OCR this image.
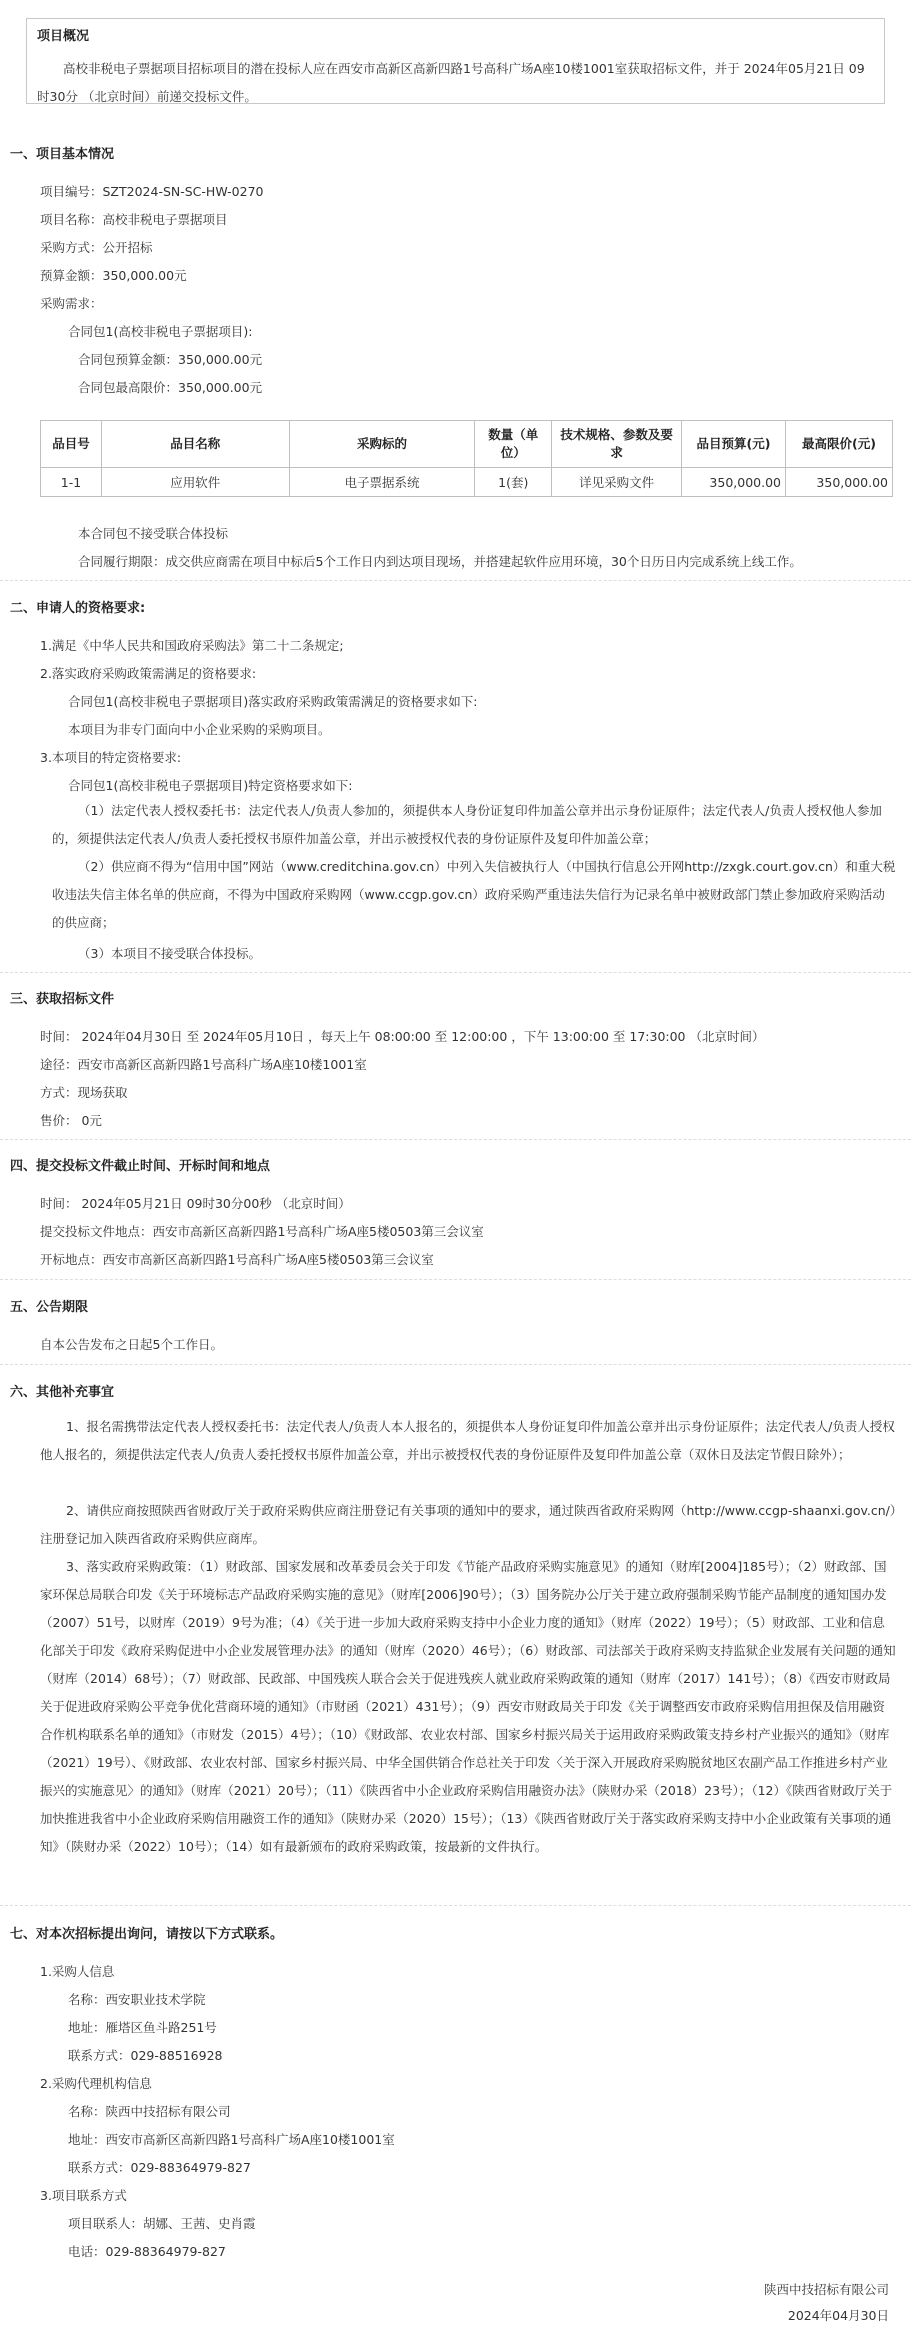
项目概况
高校非税电子票据项目招标项目的潜在投标人应在西安市高新区高新四路1号高科广场A座10楼1001室获取招标文件，并于 2024年05月21日 09时30分 （北京时间）前递交投标文件。
一、项目基本情况
项目编号：SZT2024-SN-SC-HW-0270
项目名称：高校非税电子票据项目
采购方式：公开招标
预算金额：350,000.00元
采购需求：
合同包1(高校非税电子票据项目):
合同包预算金额：350,000.00元
合同包最高限价：350,000.00元
品目号	品目名称	采购标的	数量（单位）	技术规格、参数及要求	品目预算(元)	最高限价(元)
1-1	应用软件	电子票据系统	1(套)	详见采购文件	350,000.00	350,000.00
本合同包不接受联合体投标
合同履行期限：成交供应商需在项目中标后5个工作日内到达项目现场，并搭建起软件应用环境，30个日历日内完成系统上线工作。
二、申请人的资格要求:
1.满足《中华人民共和国政府采购法》第二十二条规定;
2.落实政府采购政策需满足的资格要求:
合同包1(高校非税电子票据项目)落实政府采购政策需满足的资格要求如下:
本项目为非专门面向中小企业采购的采购项目。
3.本项目的特定资格要求:
合同包1(高校非税电子票据项目)特定资格要求如下:
（1）法定代表人授权委托书：法定代表人/负责人参加的，须提供本人身份证复印件加盖公章并出示身份证原件；法定代表人/负责人授权他人参加的，须提供法定代表人/负责人委托授权书原件加盖公章，并出示被授权代表的身份证原件及复印件加盖公章；
（2）供应商不得为“信用中国”网站（www.creditchina.gov.cn）中列入失信被执行人（中国执行信息公开网http://zxgk.court.gov.cn）和重大税收违法失信主体名单的供应商，不得为中国政府采购网（www.ccgp.gov.cn）政府采购严重违法失信行为记录名单中被财政部门禁止参加政府采购活动的供应商；
（3）本项目不接受联合体投标。
三、获取招标文件
时间： 2024年04月30日 至 2024年05月10日 ，每天上午 08:00:00 至 12:00:00 ，下午 13:00:00 至 17:30:00 （北京时间）
途径：西安市高新区高新四路1号高科广场A座10楼1001室
方式：现场获取
售价： 0元
四、提交投标文件截止时间、开标时间和地点
时间： 2024年05月21日 09时30分00秒 （北京时间）
提交投标文件地点：西安市高新区高新四路1号高科广场A座5楼0503第三会议室
开标地点：西安市高新区高新四路1号高科广场A座5楼0503第三会议室
五、公告期限
自本公告发布之日起5个工作日。
六、其他补充事宜
1、报名需携带法定代表人授权委托书：法定代表人/负责人本人报名的，须提供本人身份证复印件加盖公章并出示身份证原件；法定代表人/负责人授权他人报名的，须提供法定代表人/负责人委托授权书原件加盖公章，并出示被授权代表的身份证原件及复印件加盖公章（双休日及法定节假日除外）；
2、请供应商按照陕西省财政厅关于政府采购供应商注册登记有关事项的通知中的要求，通过陕西省政府采购网（http://www.ccgp-shaanxi.gov.cn/）注册登记加入陕西省政府采购供应商库。
3、落实政府采购政策：（1）财政部、国家发展和改革委员会关于印发《节能产品政府采购实施意见》的通知（财库[2004]185号）；（2）财政部、国家环保总局联合印发《关于环境标志产品政府采购实施的意见》（财库[2006]90号）；（3）国务院办公厅关于建立政府强制采购节能产品制度的通知国办发（2007）51号，以财库（2019）9号为准；（4）《关于进一步加大政府采购支持中小企业力度的通知》（财库（2022）19号）；（5）财政部、工业和信息化部关于印发《政府采购促进中小企业发展管理办法》的通知（财库（2020）46号）；（6）财政部、司法部关于政府采购支持监狱企业发展有关问题的通知（财库（2014）68号）；（7）财政部、民政部、中国残疾人联合会关于促进残疾人就业政府采购政策的通知（财库（2017）141号）；（8）《西安市财政局关于促进政府采购公平竞争优化营商环境的通知》（市财函（2021）431号）；（9）西安市财政局关于印发《关于调整西安市政府采购信用担保及信用融资合作机构联系名单的通知》（市财发（2015）4号）；（10）《财政部、农业农村部、国家乡村振兴局关于运用政府采购政策支持乡村产业振兴的通知》（财库（2021）19号）、《财政部、农业农村部、国家乡村振兴局、中华全国供销合作总社关于印发〈关于深入开展政府采购脱贫地区农副产品工作推进乡村产业振兴的实施意见〉的通知》（财库（2021）20号）；（11）《陕西省中小企业政府采购信用融资办法》（陕财办采（2018）23号）；（12）《陕西省财政厅关于加快推进我省中小企业政府采购信用融资工作的通知》（陕财办采（2020）15号）；（13）《陕西省财政厅关于落实政府采购支持中小企业政策有关事项的通知》（陕财办采（2022）10号）；（14）如有最新颁布的政府采购政策，按最新的文件执行。
七、对本次招标提出询问，请按以下方式联系。
1.采购人信息
名称：西安职业技术学院
地址：雁塔区鱼斗路251号
联系方式：029-88516928
2.采购代理机构信息
名称：陕西中技招标有限公司
地址：西安市高新区高新四路1号高科广场A座10楼1001室
联系方式：029-88364979-827
3.项目联系方式
项目联系人：胡娜、王茜、史肖霞
电话：029-88364979-827
陕西中技招标有限公司
2024年04月30日
